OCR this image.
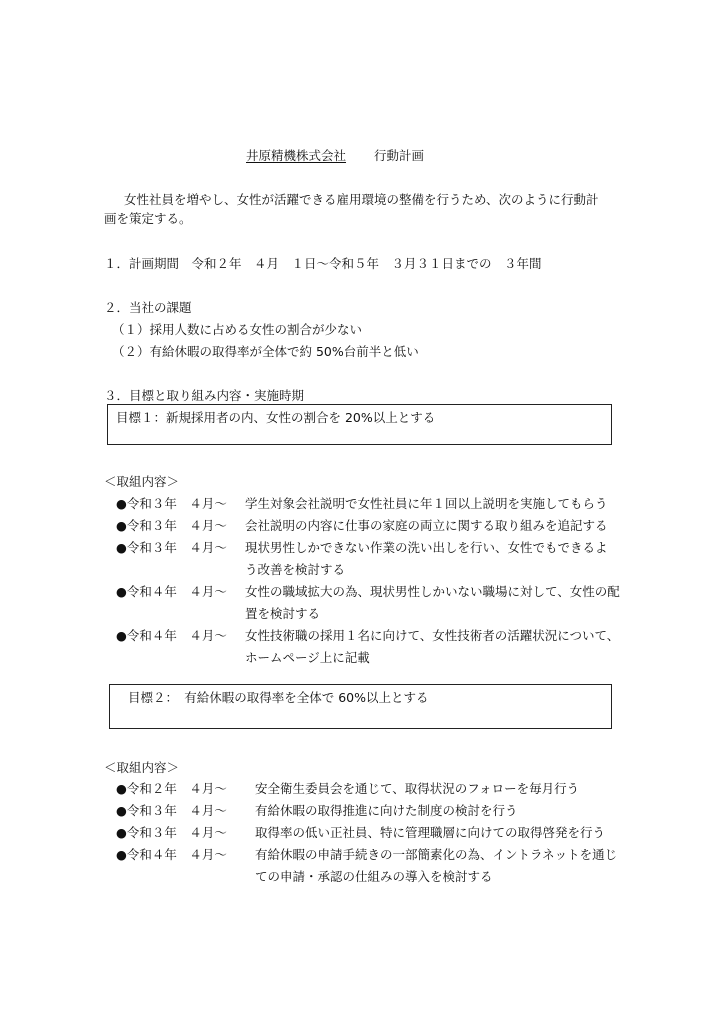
井原精機株式会社 行動計画
女性社員を増やし、女性が活躍できる雇用環境の整備を行うため、次のように行動計
画を策定する。
１．計画期間　令和２年　４月　１日～令和５年　３月３１日までの　３年間
２．当社の課題
（１）採用人数に占める女性の割合が少ない
（２）有給休暇の取得率が全体で約 50%台前半と低い
３．目標と取り組み内容・実施時期
目標１：新規採用者の内、女性の割合を 20%以上とする
＜取組内容＞
●令和３年　４月～ 学生対象会社説明で女性社員に年１回以上説明を実施してもらう
●令和３年　４月～ 会社説明の内容に仕事の家庭の両立に関する取り組みを追記する
●令和３年　４月～ 現状男性しかできない作業の洗い出しを行い、女性でもできるよ
う改善を検討する
●令和４年　４月～ 女性の職域拡大の為、現状男性しかいない職場に対して、女性の配
置を検討する
●令和４年　４月～ 女性技術職の採用１名に向けて、女性技術者の活躍状況について、
ホームページ上に記載
目標２：　有給休暇の取得率を全体で 60%以上とする
＜取組内容＞
●令和２年　４月～ 安全衛生委員会を通じて、取得状況のフォローを毎月行う
●令和３年　４月～ 有給休暇の取得推進に向けた制度の検討を行う
●令和３年　４月～ 取得率の低い正社員、特に管理職層に向けての取得啓発を行う
●令和４年　４月～ 有給休暇の申請手続きの一部簡素化の為、イントラネットを通じ
ての申請・承認の仕組みの導入を検討する
